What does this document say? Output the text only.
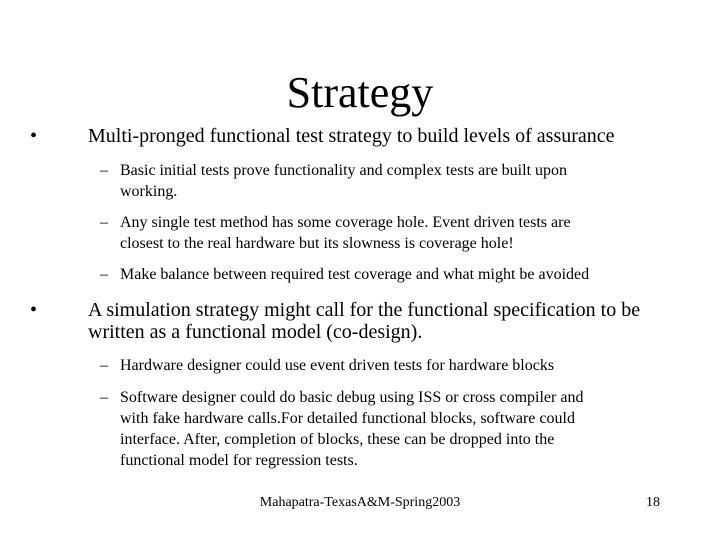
Strategy
•	Multi-pronged functional test strategy to build levels of assurance
– Basic initial tests prove functionality and complex tests are built upon
working.
– Any single test method has some coverage hole. Event driven tests are
closest to the real hardware but its slowness is coverage hole!
– Make balance between required test coverage and what might be avoided
•	A simulation strategy might call for the functional specification to be
written as a functional model (co-design).
– Hardware designer could use event driven tests for hardware blocks
– Software designer could do basic debug using ISS or cross compiler and
with fake hardware calls.For detailed functional blocks, software could
interface. After, completion of blocks, these can be dropped into the
functional model for regression tests.
Mahapatra-TexasA&M-Spring2003	18
